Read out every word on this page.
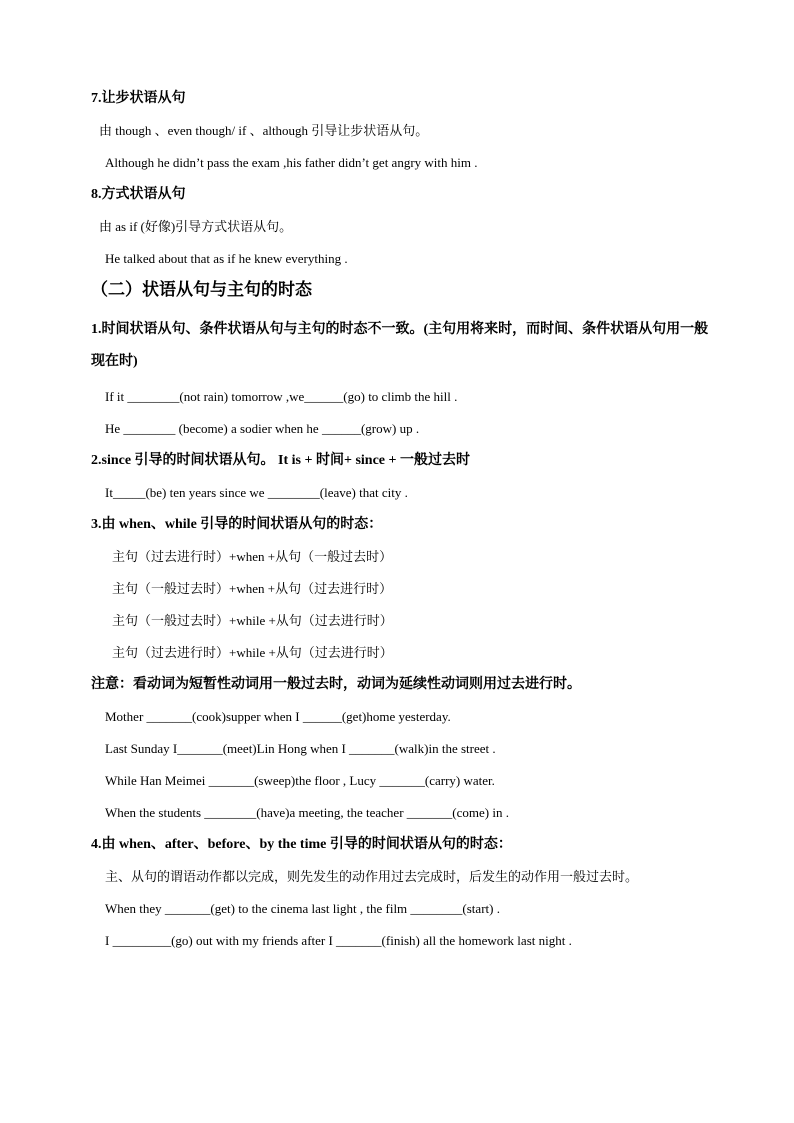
7.让步状语从句
由 though 、even though/ if 、although 引导让步状语从句。
Although he didn’t pass the exam ,his father didn’t get angry with him .
8.方式状语从句
由 as if (好像)引导方式状语从句。
He talked about that as if he knew everything .
（二）状语从句与主句的时态
1.时间状语从句、条件状语从句与主句的时态不一致。(主句用将来时，而时间、条件状语从句用一般现在时)
If it ________(not rain) tomorrow ,we______(go) to climb the hill .
He ________ (become) a sodier when he ______(grow) up .
2.since 引导的时间状语从句。 It is + 时间+ since + 一般过去时
It_____(be) ten years since we ________(leave) that city .
3.由 when、while 引导的时间状语从句的时态：
主句（过去进行时）+when +从句（一般过去时）
主句（一般过去时）+when +从句（过去进行时）
主句（一般过去时）+while +从句（过去进行时）
主句（过去进行时）+while +从句（过去进行时）
注意：看动词为短暂性动词用一般过去时，动词为延续性动词则用过去进行时。
Mother _______(cook)supper when I ______(get)home yesterday.
Last Sunday I_______(meet)Lin Hong when I _______(walk)in the street .
While Han Meimei _______(sweep)the floor , Lucy _______(carry) water.
When the students ________(have)a meeting, the teacher _______(come) in .
4.由 when、after、before、by the time 引导的时间状语从句的时态：
主、从句的谓语动作都以完成，则先发生的动作用过去完成时，后发生的动作用一般过去时。
When they _______(get) to the cinema last light , the film ________(start) .
I _________(go) out with my friends after I _______(finish) all the homework last night .
